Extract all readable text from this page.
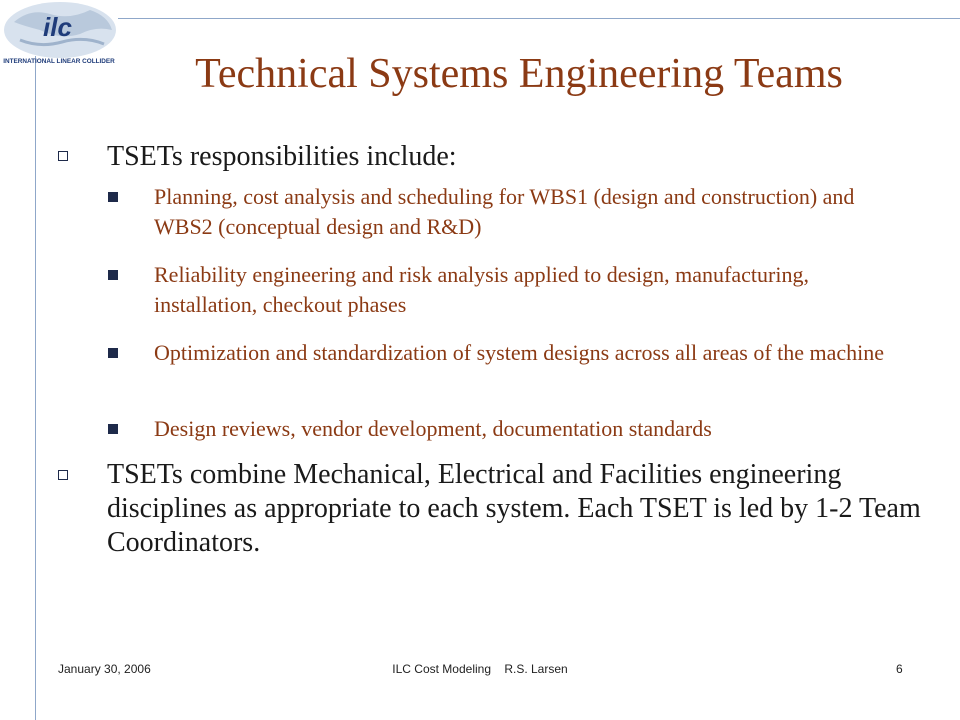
ilc
INTERNATIONAL LINEAR COLLIDER	Technical Systems Engineering Teams
TSETs responsibilities include:
Planning, cost analysis and scheduling for WBS1 (design and construction) and WBS2 (conceptual design and R&D)
Reliability engineering and risk analysis applied to design, manufacturing, installation, checkout phases
Optimization and standardization of system designs across all areas of the machine
Design reviews, vendor development, documentation standards
TSETs combine Mechanical, Electrical and Facilities engineering disciplines as appropriate to each system. Each TSET is led by 1-2 Team Coordinators.
January 30, 2006	ILC Cost Modeling    R.S. Larsen	6
